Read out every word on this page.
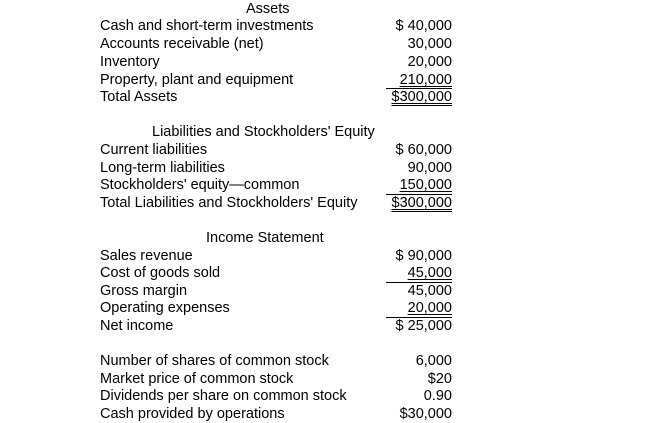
Assets
Cash and short-term investments	$ 40,000
Accounts receivable (net)	30,000
Inventory	20,000
Property, plant and equipment	210,000
Total Assets	$300,000
Liabilities and Stockholders' Equity
Current liabilities	$ 60,000
Long-term liabilities	90,000
Stockholders' equity—common	150,000
Total Liabilities and Stockholders' Equity $300,000
Income Statement
Sales revenue	$ 90,000
Cost of goods sold	45,000
Gross margin	45,000
Operating expenses	20,000
Net income	$ 25,000
Number of shares of common stock	6,000
Market price of common stock	$20
Dividends per share on common stock	0.90
Cash provided by operations	$30,000
